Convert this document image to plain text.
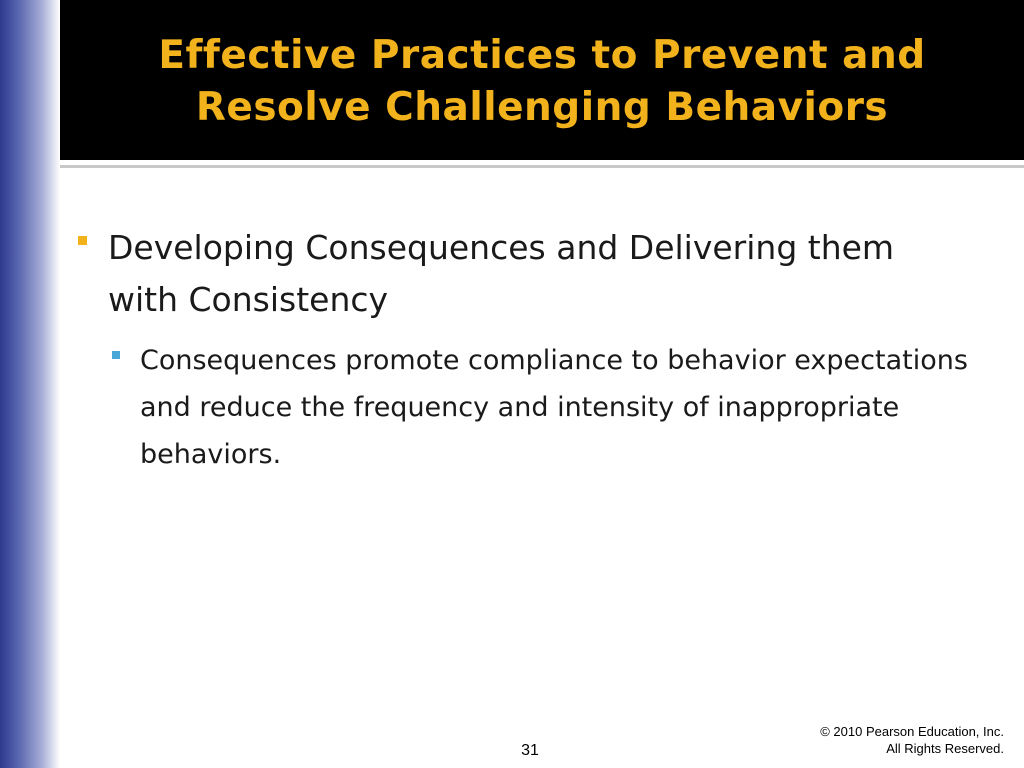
Effective Practices to Prevent and
Resolve Challenging Behaviors
Developing Consequences and Delivering them with Consistency
Consequences promote compliance to behavior expectations and reduce the frequency and intensity of inappropriate behaviors.
31
© 2010 Pearson Education, Inc.
All Rights Reserved.
